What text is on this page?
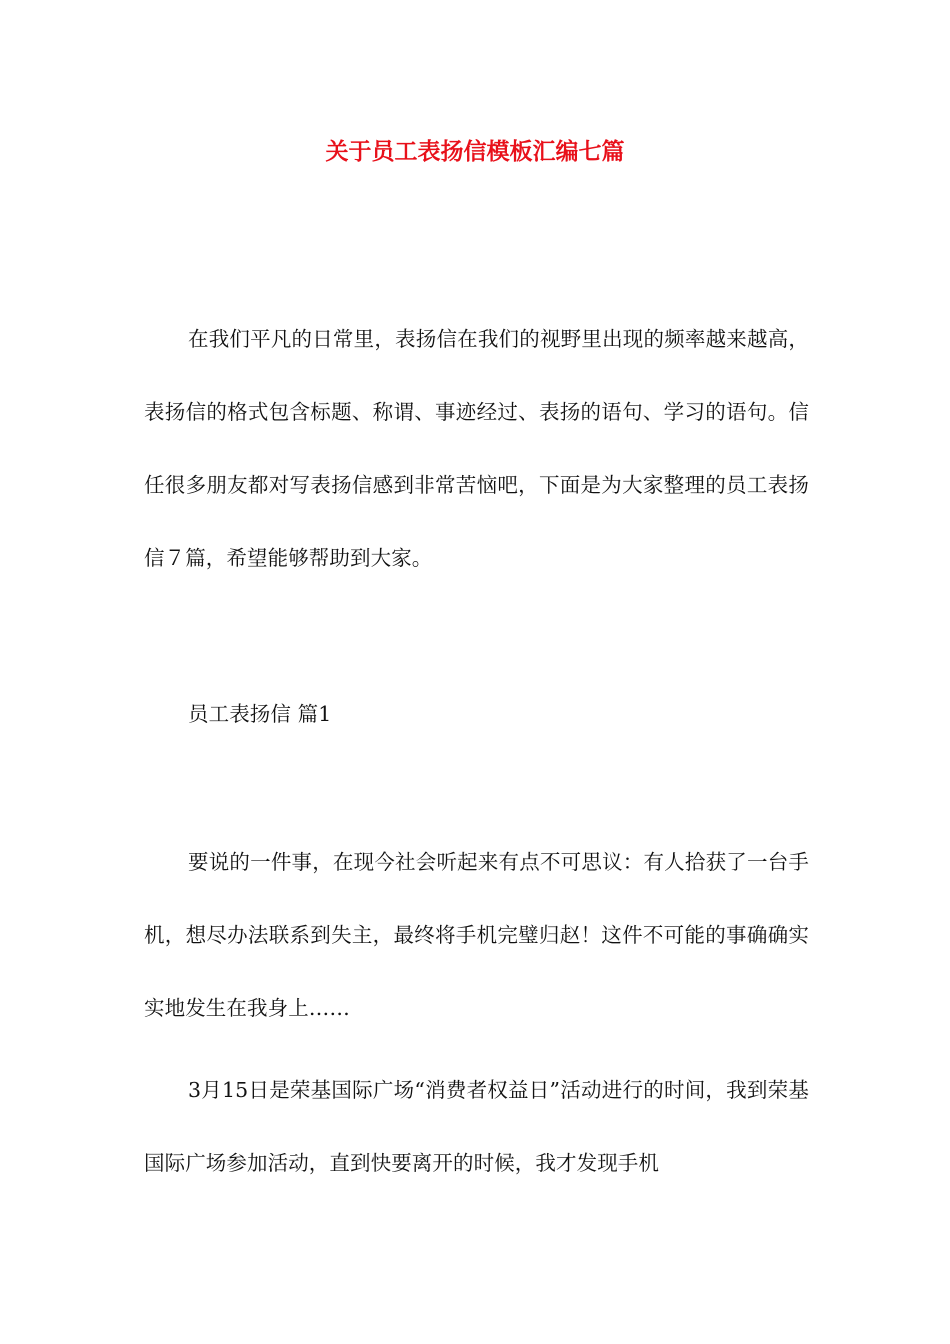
关于员工表扬信模板汇编七篇

在我们平凡的日常里，表扬信在我们的视野里出现的频率越来越高，表扬信的格式包含标题、称谓、事迹经过、表扬的语句、学习的语句。信任很多朋友都对写表扬信感到非常苦恼吧，下面是为大家整理的员工表扬信７篇，希望能够帮助到大家。

员工表扬信 篇1

要说的一件事，在现今社会听起来有点不可思议：有人拾获了一台手机，想尽办法联系到失主，最终将手机完璧归赵！这件不可能的事确确实实地发生在我身上……

3月15日是荣基国际广场“消费者权益日”活动进行的时间，我到荣基国际广场参加活动，直到快要离开的时候，我才发现手机
